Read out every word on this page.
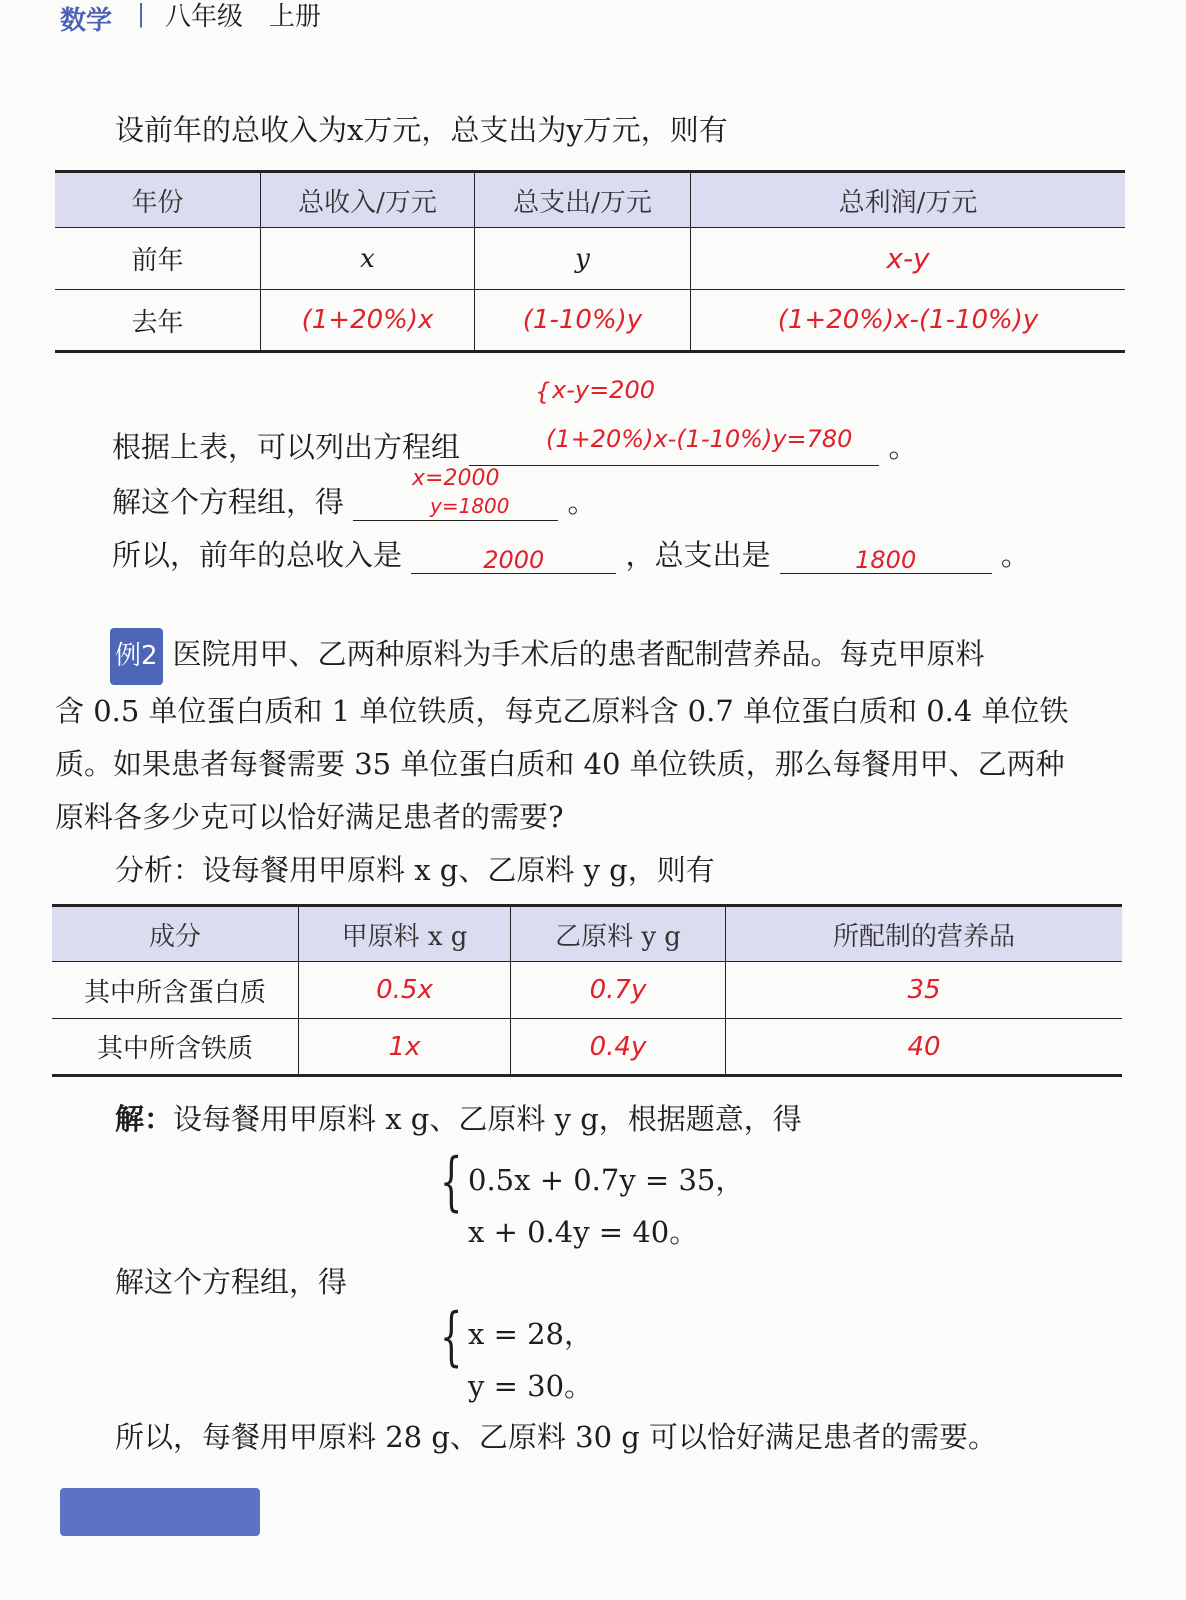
数学 | 八年级　上册
设前年的总收入为x万元，总支出为y万元，则有
年份	总收入/万元	总支出/万元	总利润/万元
前年	x	y	x-y
去年	(1+20%)x	(1-10%)y	(1+20%)x-(1-10%)y
根据上表，可以列出方程组	。
{ x-y=200
(1+20%)x-(1-10%)y=780
解这个方程组，得	。
x=2000
y=1800
所以，前年的总收入是	2000	，总支出是	1800	。
例2 医院用甲、乙两种原料为手术后的患者配制营养品。每克甲原料
含 0.5 单位蛋白质和 1 单位铁质，每克乙原料含 0.7 单位蛋白质和 0.4 单位铁
质。如果患者每餐需要 35 单位蛋白质和 40 单位铁质，那么每餐用甲、乙两种
原料各多少克可以恰好满足患者的需要?
分析：设每餐用甲原料 x g、乙原料 y g，则有
成分	甲原料 x g	乙原料 y g	所配制的营养品
其中所含蛋白质	0.5x	0.7y	35
其中所含铁质	1x	0.4y	40
解：设每餐用甲原料 x g、乙原料 y g，根据题意，得
{ 0.5x + 0.7y = 35，
x + 0.4y = 40。
解这个方程组，得
{ x = 28，
y = 30。
所以，每餐用甲原料 28 g、乙原料 30 g 可以恰好满足患者的需要。
